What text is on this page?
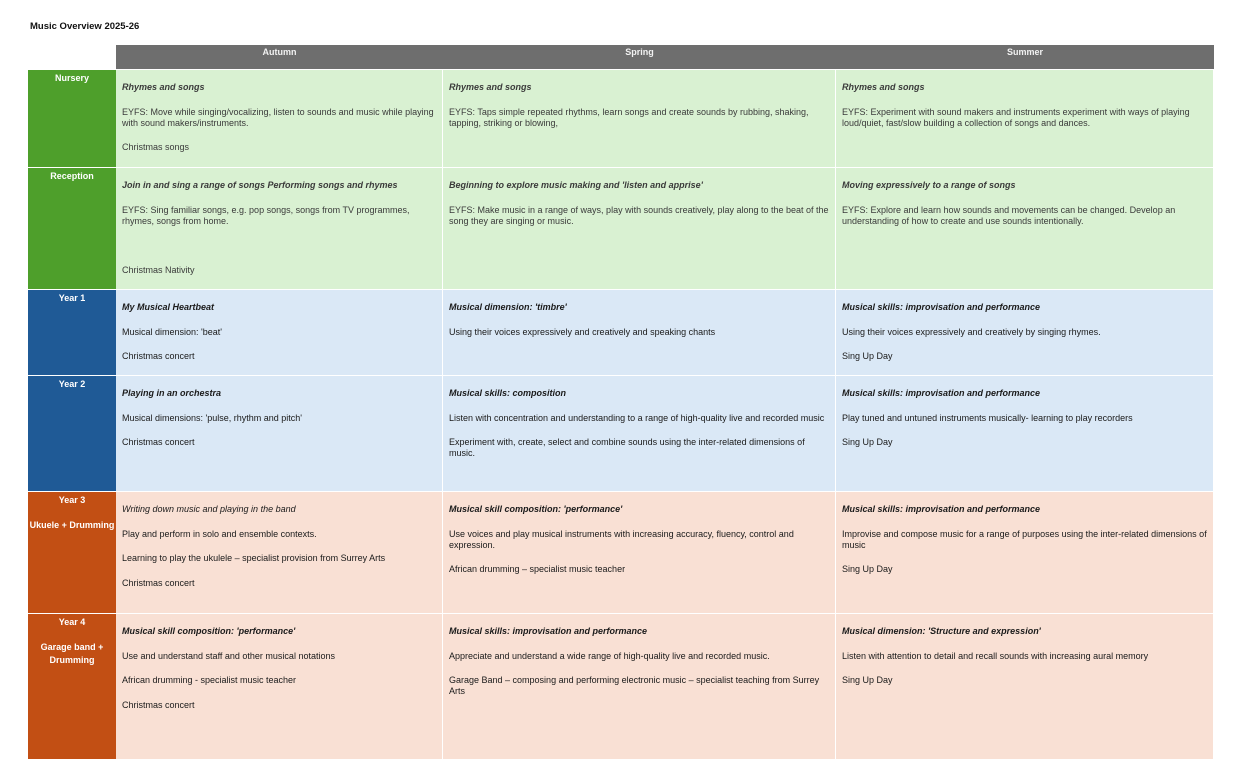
Music Overview 2025-26
Autumn	Spring	Summer
Nursery

Rhymes and songs

EYFS: Move while singing/vocalizing, listen to sounds and music while playing with sound makers/instruments.

Christmas songs

Rhymes and songs

EYFS: Taps simple repeated rhythms, learn songs and create sounds by rubbing, shaking, tapping, striking or blowing,

Rhymes and songs

EYFS: Experiment with sound makers and instruments experiment with ways of playing loud/quiet, fast/slow building a collection of songs and dances.

Reception

Join in and sing a range of songs Performing songs and rhymes

EYFS: Sing familiar songs, e.g. pop songs, songs from TV programmes, rhymes, songs from home.

Christmas Nativity

Beginning to explore music making and 'listen and apprise'

EYFS: Make music in a range of ways, play with sounds creatively, play along to the beat of the song they are singing or music.

Moving expressively to a range of songs

EYFS: Explore and learn how sounds and movements can be changed. Develop an understanding of how to create and use sounds intentionally.

Year 1

My Musical Heartbeat

Musical dimension: 'beat'

Christmas concert

Musical dimension: 'timbre'

Using their voices expressively and creatively and speaking chants

Musical skills: improvisation and performance

Using their voices expressively and creatively by singing rhymes.

Sing Up Day

Year 2

Playing in an orchestra

Musical dimensions: 'pulse, rhythm and pitch'

Christmas concert

Musical skills: composition

Listen with concentration and understanding to a range of high-quality live and recorded music

Experiment with, create, select and combine sounds using the inter-related dimensions of music.

Musical skills: improvisation and performance

Play tuned and untuned instruments musically- learning to play recorders

Sing Up Day

Year 3
Ukuele + Drumming

Writing down music and playing in the band

Play and perform in solo and ensemble contexts.

Learning to play the ukulele – specialist provision from Surrey Arts

Christmas concert

Musical skill composition: 'performance'

Use voices and play musical instruments with increasing accuracy, fluency, control and expression.

African drumming – specialist music teacher

Musical skills: improvisation and performance

Improvise and compose music for a range of purposes using the inter-related dimensions of music

Sing Up Day

Year 4
Garage band + Drumming

Musical skill composition: 'performance'

Use and understand staff and other musical notations

African drumming - specialist music teacher

Christmas concert

Musical skills: improvisation and performance

Appreciate and understand a wide range of high-quality live and recorded music.

Garage Band – composing and performing electronic music – specialist teaching from Surrey Arts

Musical dimension: 'Structure and expression'

Listen with attention to detail and recall sounds with increasing aural memory

Sing Up Day
